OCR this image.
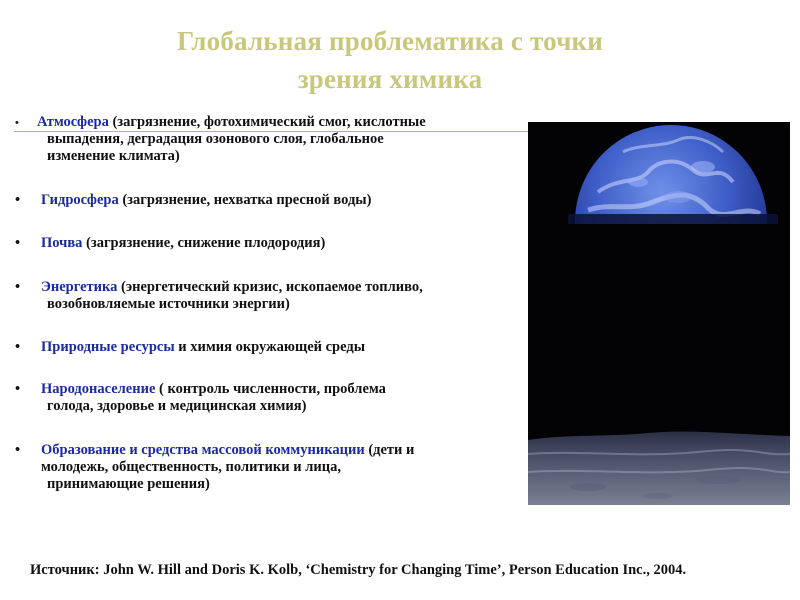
Глобальная проблематика с точки
зрения химика
• Атмосфера (загрязнение, фотохимический смог, кислотные
выпадения, деградация озонового слоя, глобальное
изменение климата)
• Гидросфера (загрязнение, нехватка пресной воды)
• Почва (загрязнение, снижение плодородия)
• Энергетика (энергетический кризис, ископаемое топливо,
возобновляемые источники энергии)
• Природные ресурсы и химия окружающей среды
• Народонаселение ( контроль численности, проблема
голода, здоровье и медицинская химия)
• Образование и средства массовой коммуникации (дети и
молодежь, общественность, политики и лица,
принимающие решения)
Источник: John W. Hill and Doris K. Kolb, ‘Chemistry for Changing Time’, Person Education Inc., 2004.
